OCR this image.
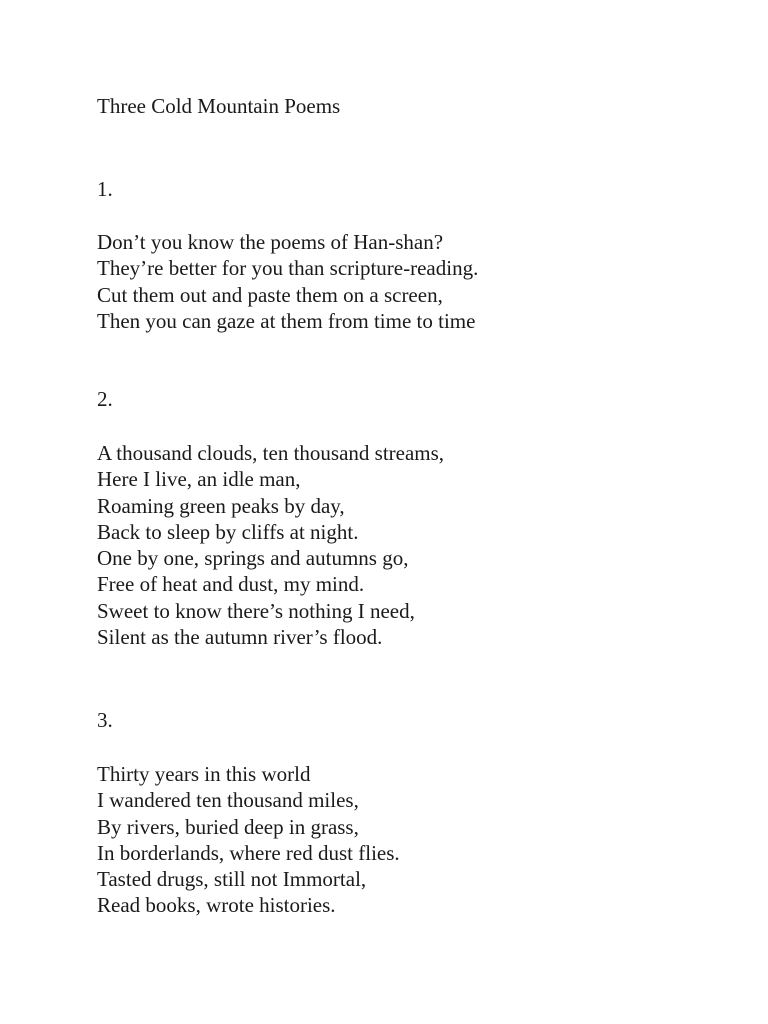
Three Cold Mountain Poems
1.
Don’t you know the poems of Han-shan?
They’re better for you than scripture-reading.
Cut them out and paste them on a screen,
Then you can gaze at them from time to time
2.
A thousand clouds, ten thousand streams,
Here I live, an idle man,
Roaming green peaks by day,
Back to sleep by cliffs at night.
One by one, springs and autumns go,
Free of heat and dust, my mind.
Sweet to know there’s nothing I need,
Silent as the autumn river’s flood.
3.
Thirty years in this world
I wandered ten thousand miles,
By rivers, buried deep in grass,
In borderlands, where red dust flies.
Tasted drugs, still not Immortal,
Read books, wrote histories.
